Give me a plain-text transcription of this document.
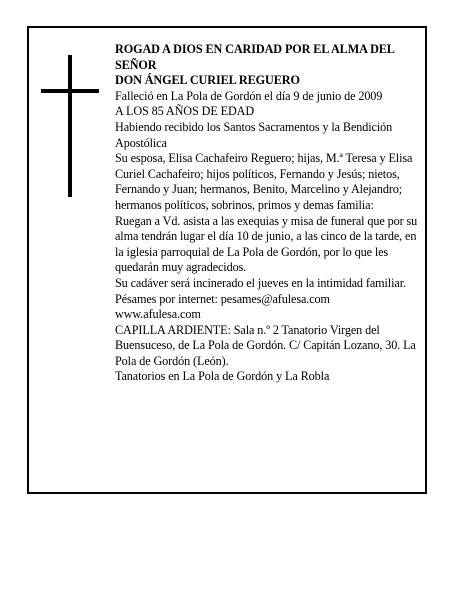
ROGAD A DIOS EN CARIDAD POR EL ALMA DEL SEÑOR

DON ÁNGEL CURIEL REGUERO

Falleció en La Pola de Gordón el día 9 de junio de 2009

A LOS 85 AÑOS DE EDAD

Habiendo recibido los Santos Sacramentos y la Bendición Apostólica

Su esposa, Elisa Cachafeiro Reguero; hijas, M.ª Teresa y Elisa Curiel Cachafeiro; hijos políticos, Fernando y Jesús; nietos, Fernando y Juan; hermanos, Benito, Marcelino y Alejandro; hermanos políticos, sobrinos, primos y demas familia:

Ruegan a Vd. asista a las exequias y misa de funeral que por su alma tendrán lugar el día 10 de junio, a las cinco de la tarde, en la iglesia parroquial de La Pola de Gordón, por lo que les quedarán muy agradecidos.

Su cadáver será incinerado el jueves en la intimidad familiar.

Pésames por internet: pesames@afulesa.com

www.afulesa.com

CAPILLA ARDIENTE: Sala n.º 2 Tanatorio Virgen del Buensuceso, de La Pola de Gordón. C/ Capitán Lozano, 30. La Pola de Gordón (León).

Tanatorios en La Pola de Gordón y La Robla
